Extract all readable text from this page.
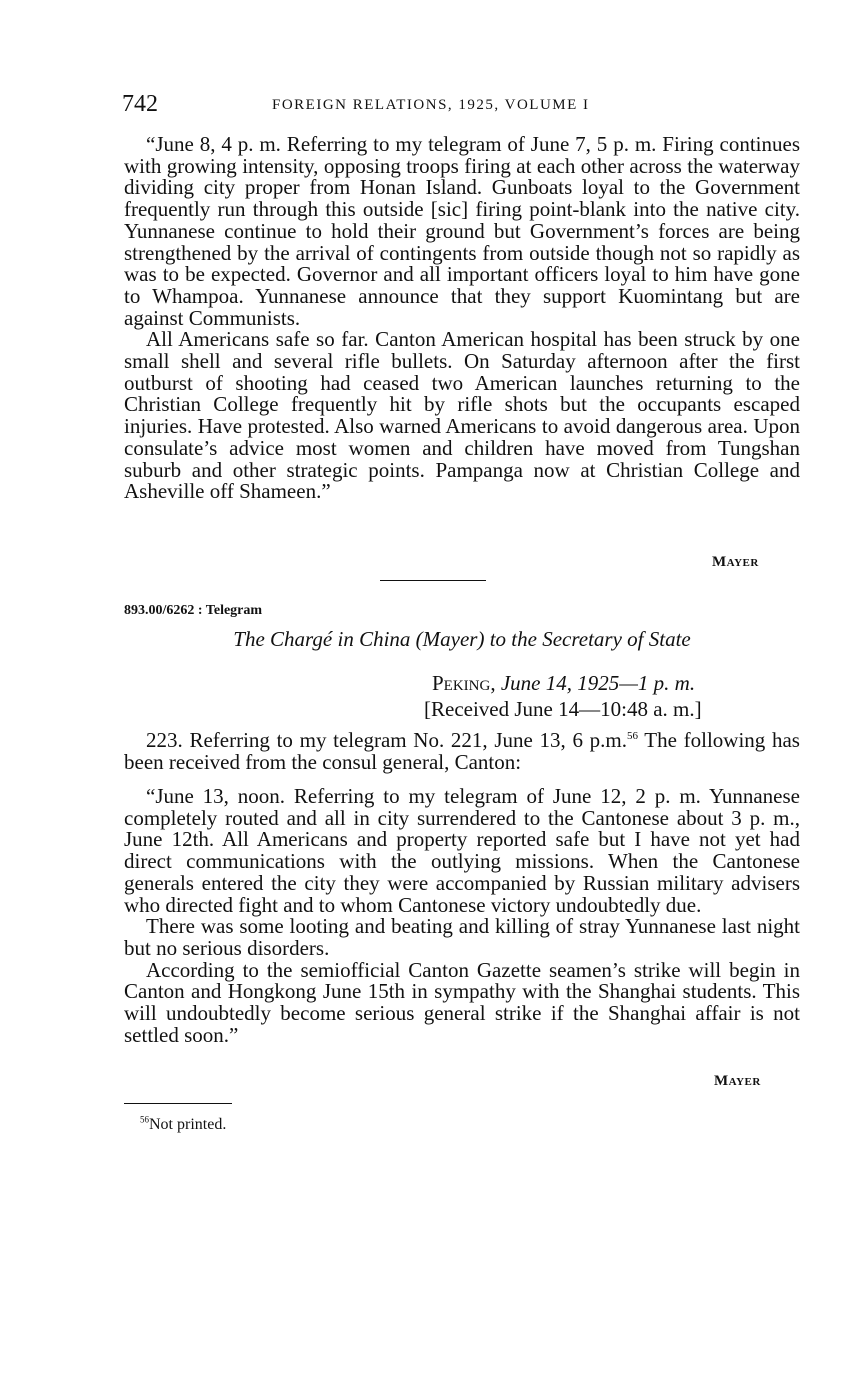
742	FOREIGN RELATIONS, 1925, VOLUME I

“June 8, 4 p. m. Referring to my telegram of June 7, 5 p. m. Firing continues with growing intensity, opposing troops firing at each other across the waterway dividing city proper from Honan Island. Gunboats loyal to the Government frequently run through this outside [sic] firing point-blank into the native city. Yunnanese continue to hold their ground but Government’s forces are being strengthened by the arrival of contingents from outside though not so rapidly as was to be expected. Governor and all important officers loyal to him have gone to Whampoa. Yunnanese announce that they support Kuomintang but are against Communists.

All Americans safe so far. Canton American hospital has been struck by one small shell and several rifle bullets. On Saturday afternoon after the first outburst of shooting had ceased two American launches returning to the Christian College frequently hit by rifle shots but the occupants escaped injuries. Have protested. Also warned Americans to avoid dangerous area. Upon consulate’s advice most women and children have moved from Tungshan suburb and other strategic points. Pampanga now at Christian College and Asheville off Shameen.”

Mayer
893.00/6262 : Telegram
The Chargé in China (Mayer) to the Secretary of State
Peking, June 14, 1925—1 p. m.
[Received June 14—10:48 a. m.]

223. Referring to my telegram No. 221, June 13, 6 p.m.$^{56}$ The following has been received from the consul general, Canton:

“June 13, noon. Referring to my telegram of June 12, 2 p. m. Yunnanese completely routed and all in city surrendered to the Cantonese about 3 p. m., June 12th. All Americans and property reported safe but I have not yet had direct communications with the outlying missions. When the Cantonese generals entered the city they were accompanied by Russian military advisers who directed fight and to whom Cantonese victory undoubtedly due.

There was some looting and beating and killing of stray Yunnanese last night but no serious disorders.

According to the semiofficial Canton Gazette seamen’s strike will begin in Canton and Hongkong June 15th in sympathy with the Shanghai students. This will undoubtedly become serious general strike if the Shanghai affair is not settled soon.”

Mayer
$^{56}$Not printed.
